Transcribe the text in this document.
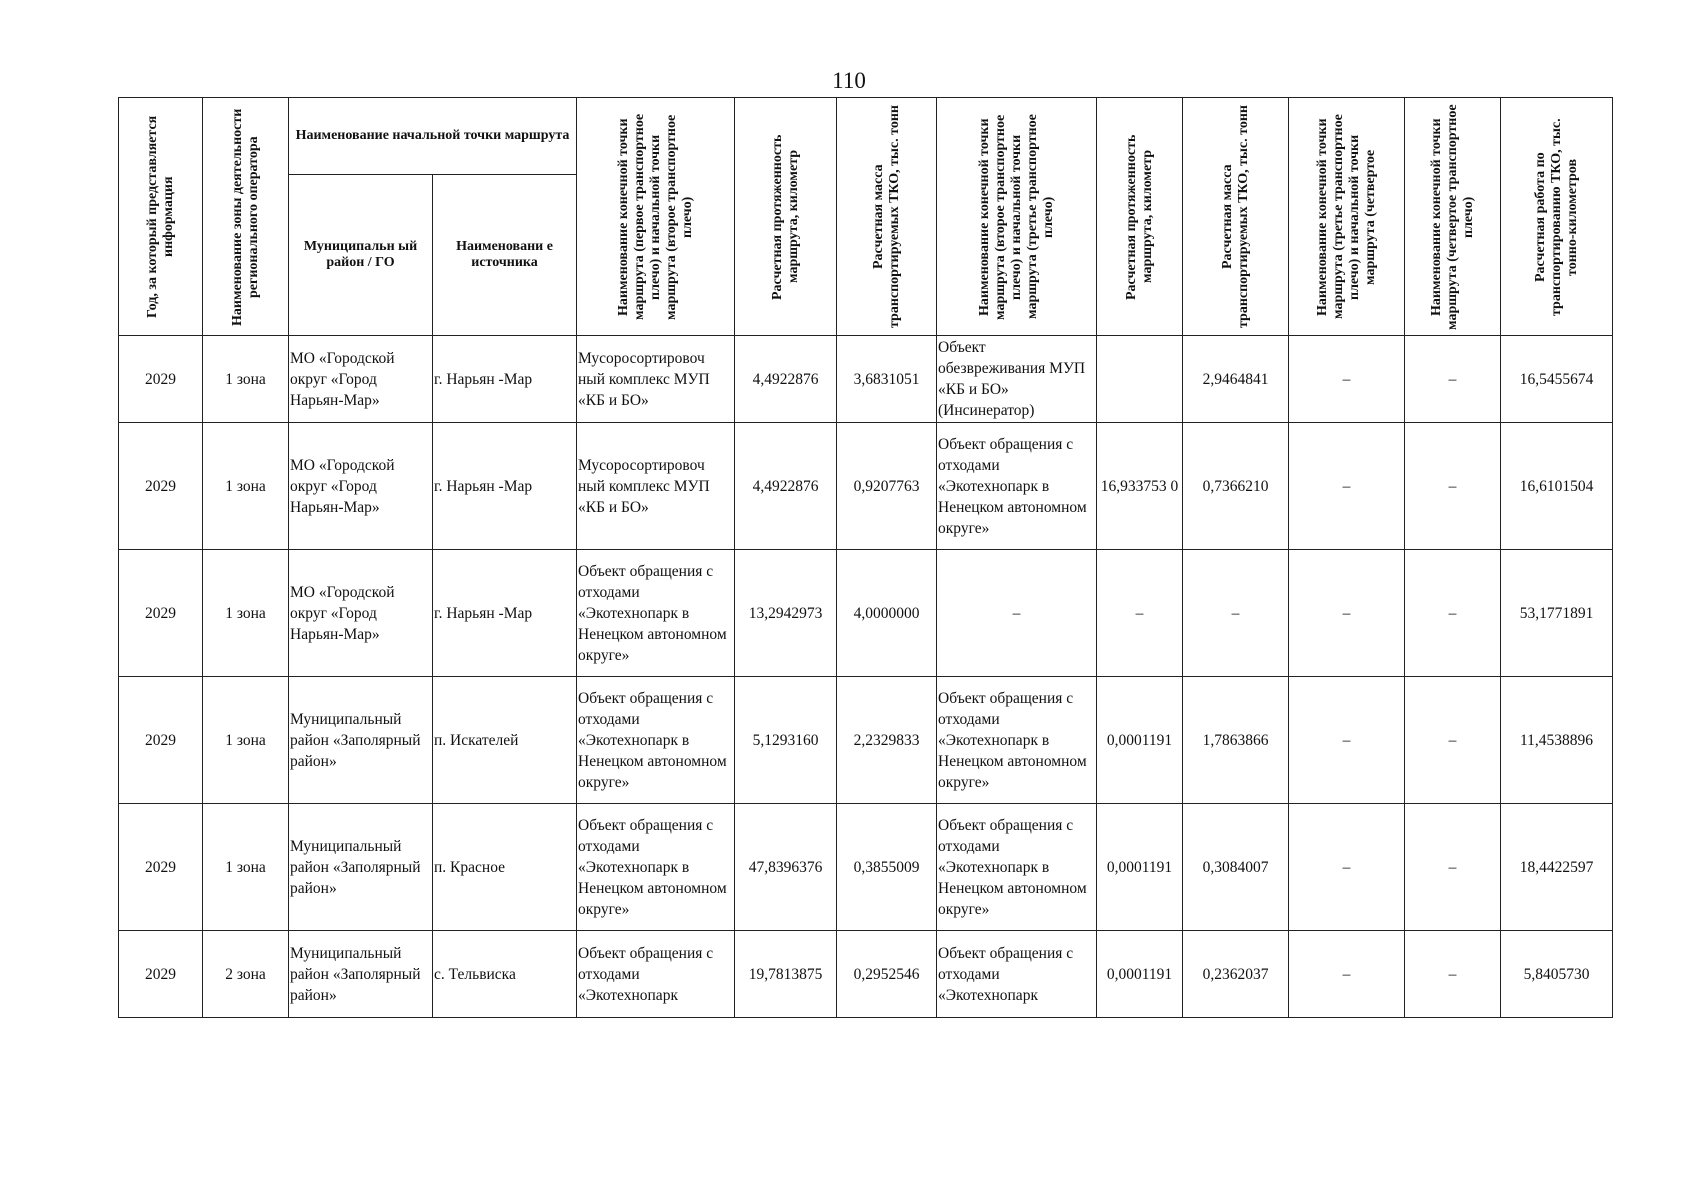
110
Год, за который представляется информация	Наименование зоны деятельности регионального оператора	Наименование начальной точки маршрута		Наименование конечной точки маршрута (первое транспортное плечо) и начальной точки маршрута (второе транспортное плечо)	Расчетная протяженность маршрута, километр	Расчетная масса транспортируемых ТКО, тыс. тонн	Наименование конечной точки маршрута (второе транспортное плечо) и начальной точки маршрута (третье транспортное плечо)	Расчетная протяженность маршрута, километр	Расчетная масса транспортируемых ТКО, тыс. тонн	Наименование конечной точки маршрута (третье транспортное плечо) и начальной точки маршрута (четвертое	Наименование конечной точки маршрута (четвертое транспортное плечо)	Расчетная работа по транспортированию ТКО, тыс. тонно-километров

		Муниципальн ый район / ГО	Наименовани е источника									
2029	1 зона	МО «Городской округ «Город Нарьян-Мар»	г. Нарьян -Мар	Мусоросортировоч ный комплекс МУП «КБ и БО»	4,4922876	3,6831051	Объект обезвреживания МУП «КБ и БО» (Инсинератор)		2,9464841	–	–	16,5455674
2029	1 зона	МО «Городской округ «Город Нарьян-Мар»	г. Нарьян -Мар	Мусоросортировоч ный комплекс МУП «КБ и БО»	4,4922876	0,9207763	Объект обращения с отходами «Экотехнопарк в Ненецком автономном округе»	16,933753 0	0,7366210	–	–	16,6101504
2029	1 зона	МО «Городской округ «Город Нарьян-Мар»	г. Нарьян -Мар	Объект обращения с отходами «Экотехнопарк в Ненецком автономном округе»	13,2942973	4,0000000	–	–	–	–	–	53,1771891
2029	1 зона	Муниципальный район «Заполярный район»	п. Искателей	Объект обращения с отходами «Экотехнопарк в Ненецком автономном округе»	5,1293160	2,2329833	Объект обращения с отходами «Экотехнопарк в Ненецком автономном округе»	0,0001191	1,7863866	–	–	11,4538896
2029	1 зона	Муниципальный район «Заполярный район»	п. Красное	Объект обращения с отходами «Экотехнопарк в Ненецком автономном округе»	47,8396376	0,3855009	Объект обращения с отходами «Экотехнопарк в Ненецком автономном округе»	0,0001191	0,3084007	–	–	18,4422597
2029	2 зона	Муниципальный район «Заполярный район»	с. Тельвиска	Объект обращения с отходами «Экотехнопарк	19,7813875	0,2952546	Объект обращения с отходами «Экотехнопарк	0,0001191	0,2362037	–	–	5,8405730
